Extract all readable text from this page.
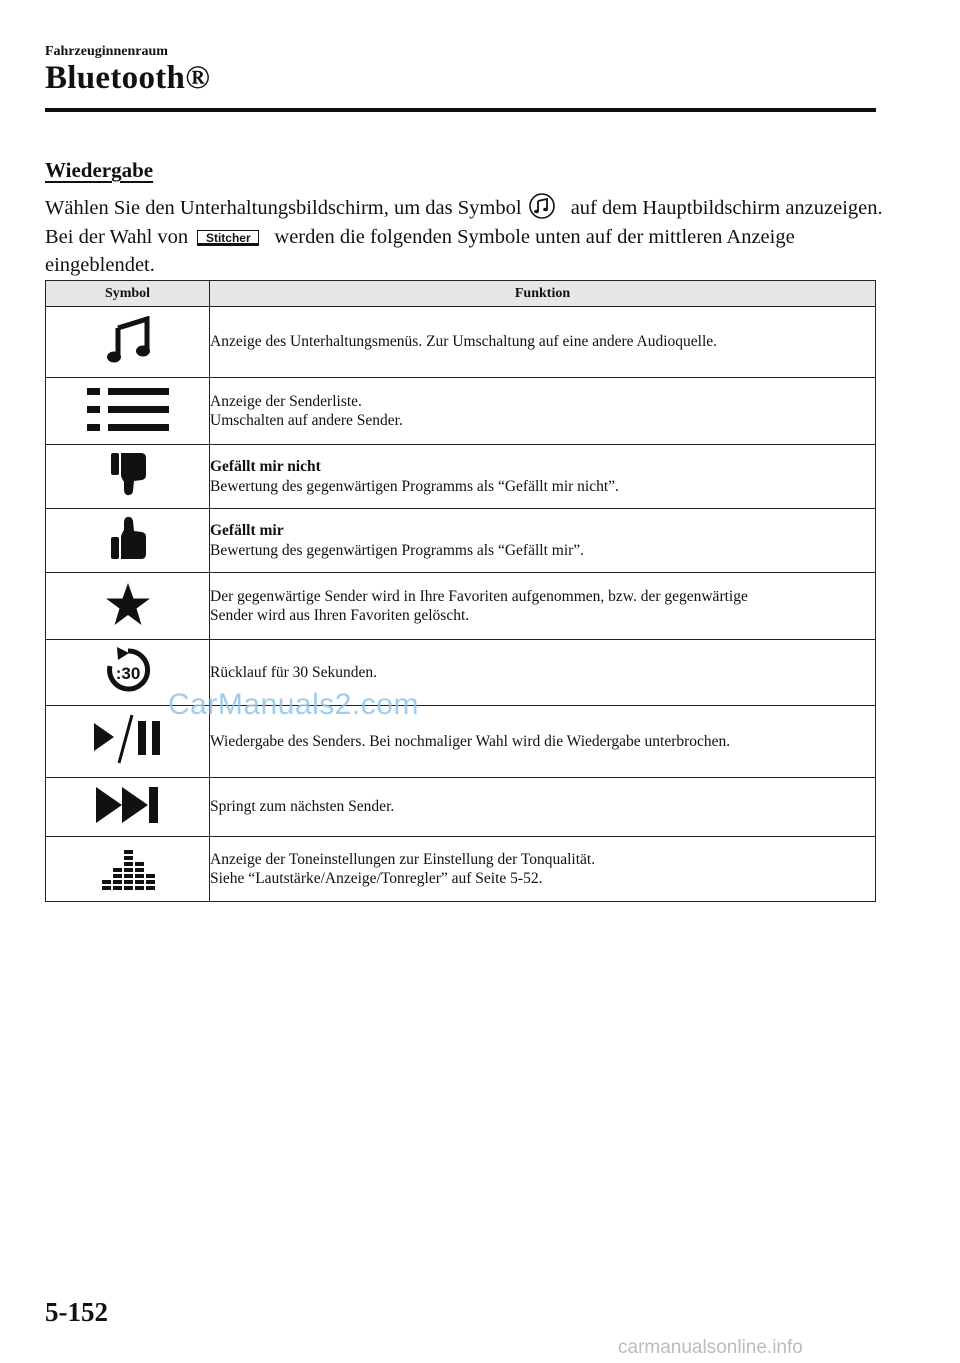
Fahrzeuginnenraum
Bluetooth®
Wiedergabe
Wählen Sie den Unterhaltungsbildschirm, um das Symbol auf dem Hauptbildschirm anzuzeigen. Bei der Wahl von Stitcher werden die folgenden Symbole unten auf der mittleren Anzeige eingeblendet.
Symbol	Funktion

Anzeige des Unterhaltungsmenüs. Zur Umschaltung auf eine andere Audioquelle.

Anzeige der Senderliste.
Umschalten auf andere Sender.

Gefällt mir nicht
Bewertung des gegenwärtigen Programms als “Gefällt mir nicht”.

Gefällt mir
Bewertung des gegenwärtigen Programms als “Gefällt mir”.

Der gegenwärtige Sender wird in Ihre Favoriten aufgenommen, bzw. der gegenwärtige
Sender wird aus Ihren Favoriten gelöscht.

:30	Rücklauf für 30 Sekunden.

Wiedergabe des Senders. Bei nochmaliger Wahl wird die Wiedergabe unterbrochen.

Springt zum nächsten Sender.

Anzeige der Toneinstellungen zur Einstellung der Tonqualität.
Siehe “Lautstärke/Anzeige/Tonregler” auf Seite 5-52.
CarManuals2.com
5-152
carmanualsonline.info
